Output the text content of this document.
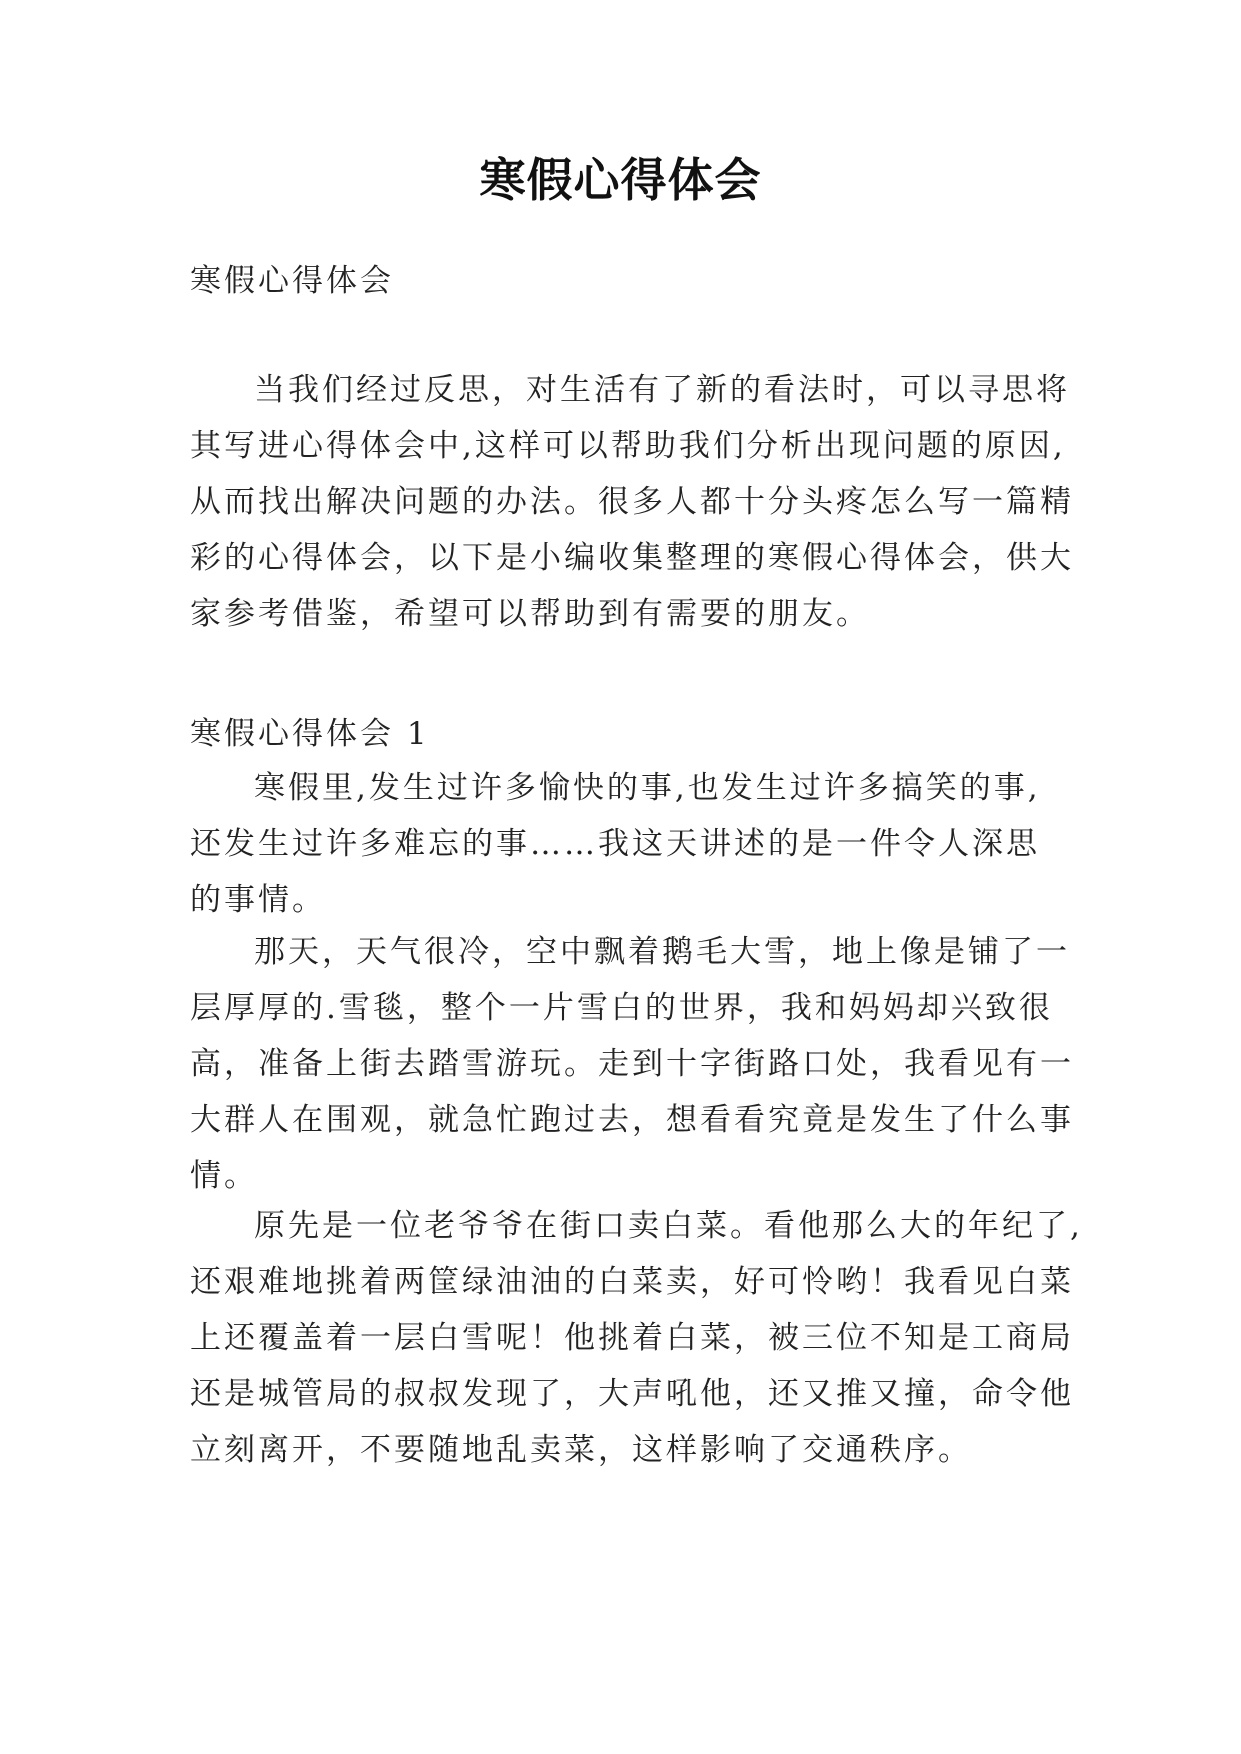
寒假心得体会
寒假心得体会
当我们经过反思，对生活有了新的看法时，可以寻思将
其写进心得体会中,这样可以帮助我们分析出现问题的原因,
从而找出解决问题的办法。很多人都十分头疼怎么写一篇精
彩的心得体会，以下是小编收集整理的寒假心得体会，供大
家参考借鉴，希望可以帮助到有需要的朋友。
寒假心得体会 1
寒假里,发生过许多愉快的事,也发生过许多搞笑的事,
还发生过许多难忘的事……我这天讲述的是一件令人深思
的事情。
那天，天气很冷，空中飘着鹅毛大雪，地上像是铺了一
层厚厚的.雪毯，整个一片雪白的世界，我和妈妈却兴致很
高，准备上街去踏雪游玩。走到十字街路口处，我看见有一
大群人在围观，就急忙跑过去，想看看究竟是发生了什么事
情。
原先是一位老爷爷在街口卖白菜。看他那么大的年纪了,
还艰难地挑着两筐绿油油的白菜卖，好可怜哟！我看见白菜
上还覆盖着一层白雪呢！他挑着白菜，被三位不知是工商局
还是城管局的叔叔发现了，大声吼他，还又推又撞，命令他
立刻离开，不要随地乱卖菜，这样影响了交通秩序。
